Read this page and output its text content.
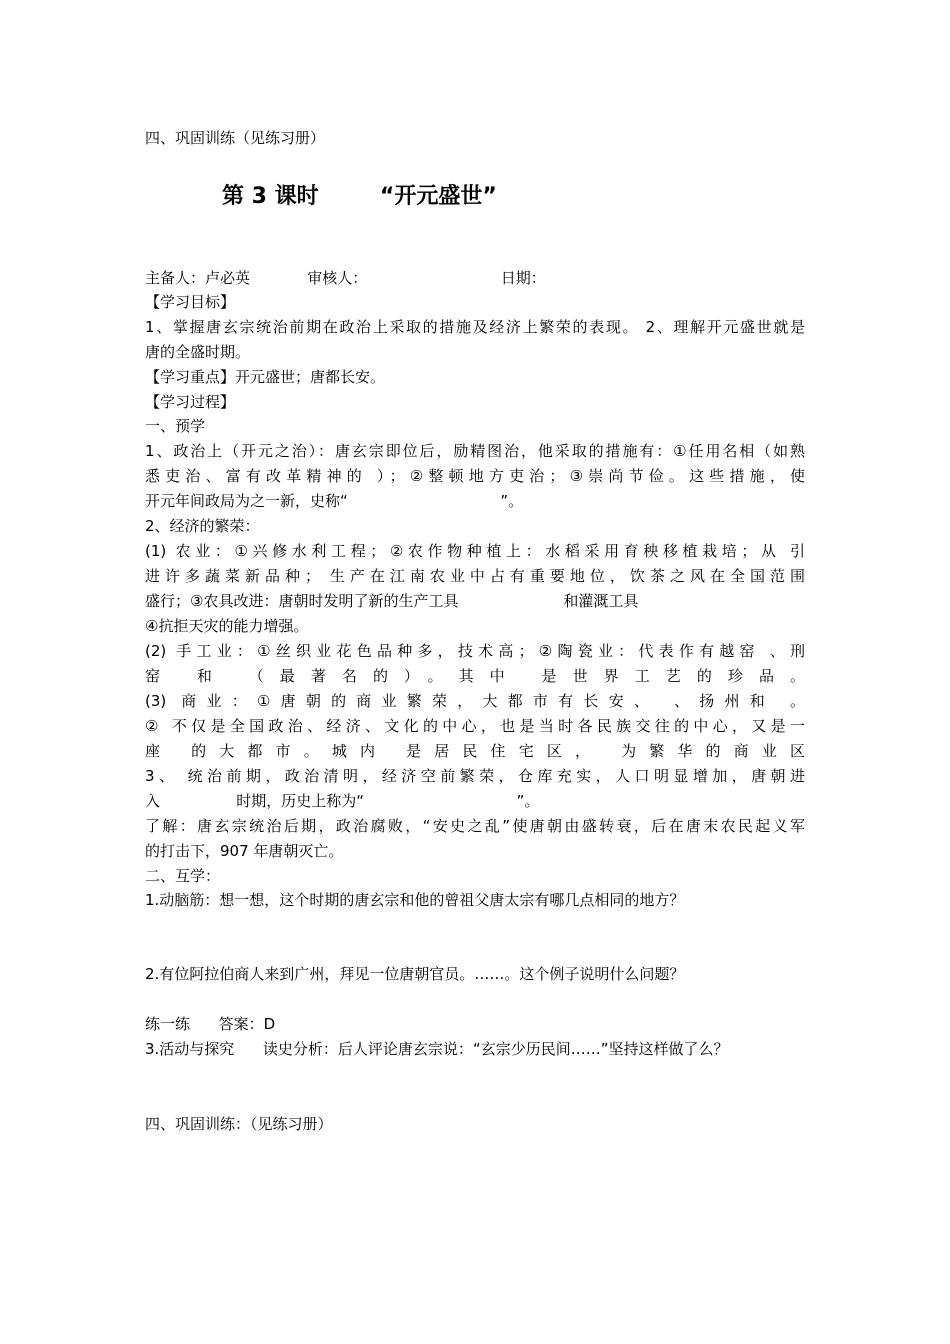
四、巩固训练（见练习册）
第 3 课时        “开元盛世”
主备人：卢必英            审核人：                            日期：
【学习目标】
1、掌握唐玄宗统治前期在政治上采取的措施及经济上繁荣的表现。 2、理解开元盛世就是
唐的全盛时期。
【学习重点】开元盛世；唐都长安。
【学习过程】
一、预学
1、政治上（开元之治）：唐玄宗即位后，励精图治，他采取的措施有：①任用名相（如熟
悉吏治、富有改革精神的 ）；②整顿地方吏治；③崇尚节俭。这些措施，使
开元年间政局为之一新，史称“                                ”。
2、经济的繁荣：
(1) 农业：①兴修水利工程；②农作物种植上：水稻采用育秧移植栽培；从 引
进许多蔬菜新品种； 生产在江南农业中占有重要地位，饮茶之风在全国范围
盛行；③农具改进：唐朝时发明了新的生产工具                      和灌溉工具
④抗拒天灾的能力增强。
(2) 手工业：①丝织业花色品种多，技术高；②陶瓷业：代表作有越窑 、刑
窑 和 （最著名的）。其中 是世界工艺的珍品。
(3) 商业：①唐朝的商业繁荣，大都市有长安、 、扬州和 。
② 不仅是全国政治、经济、文化的中心，也是当时各民族交往的中心，又是一
座 的大都市。城内 是居民住宅区， 为繁华的商业区
3、 统治前期，政治清明，经济空前繁荣，仓库充实，人口明显增加，唐朝进
入                时期，历史上称为“                                ”。
了解：唐玄宗统治后期，政治腐败，“安史之乱”使唐朝由盛转衰，后在唐末农民起义军
的打击下，907 年唐朝灭亡。
二、互学：
1.动脑筋：想一想，这个时期的唐玄宗和他的曾祖父唐太宗有哪几点相同的地方？
2.有位阿拉伯商人来到广州，拜见一位唐朝官员。……。这个例子说明什么问题？
练一练      答案：D
3.活动与探究      读史分析：后人评论唐玄宗说：“玄宗少历民间……”坚持这样做了么？
四、巩固训练：（见练习册）
